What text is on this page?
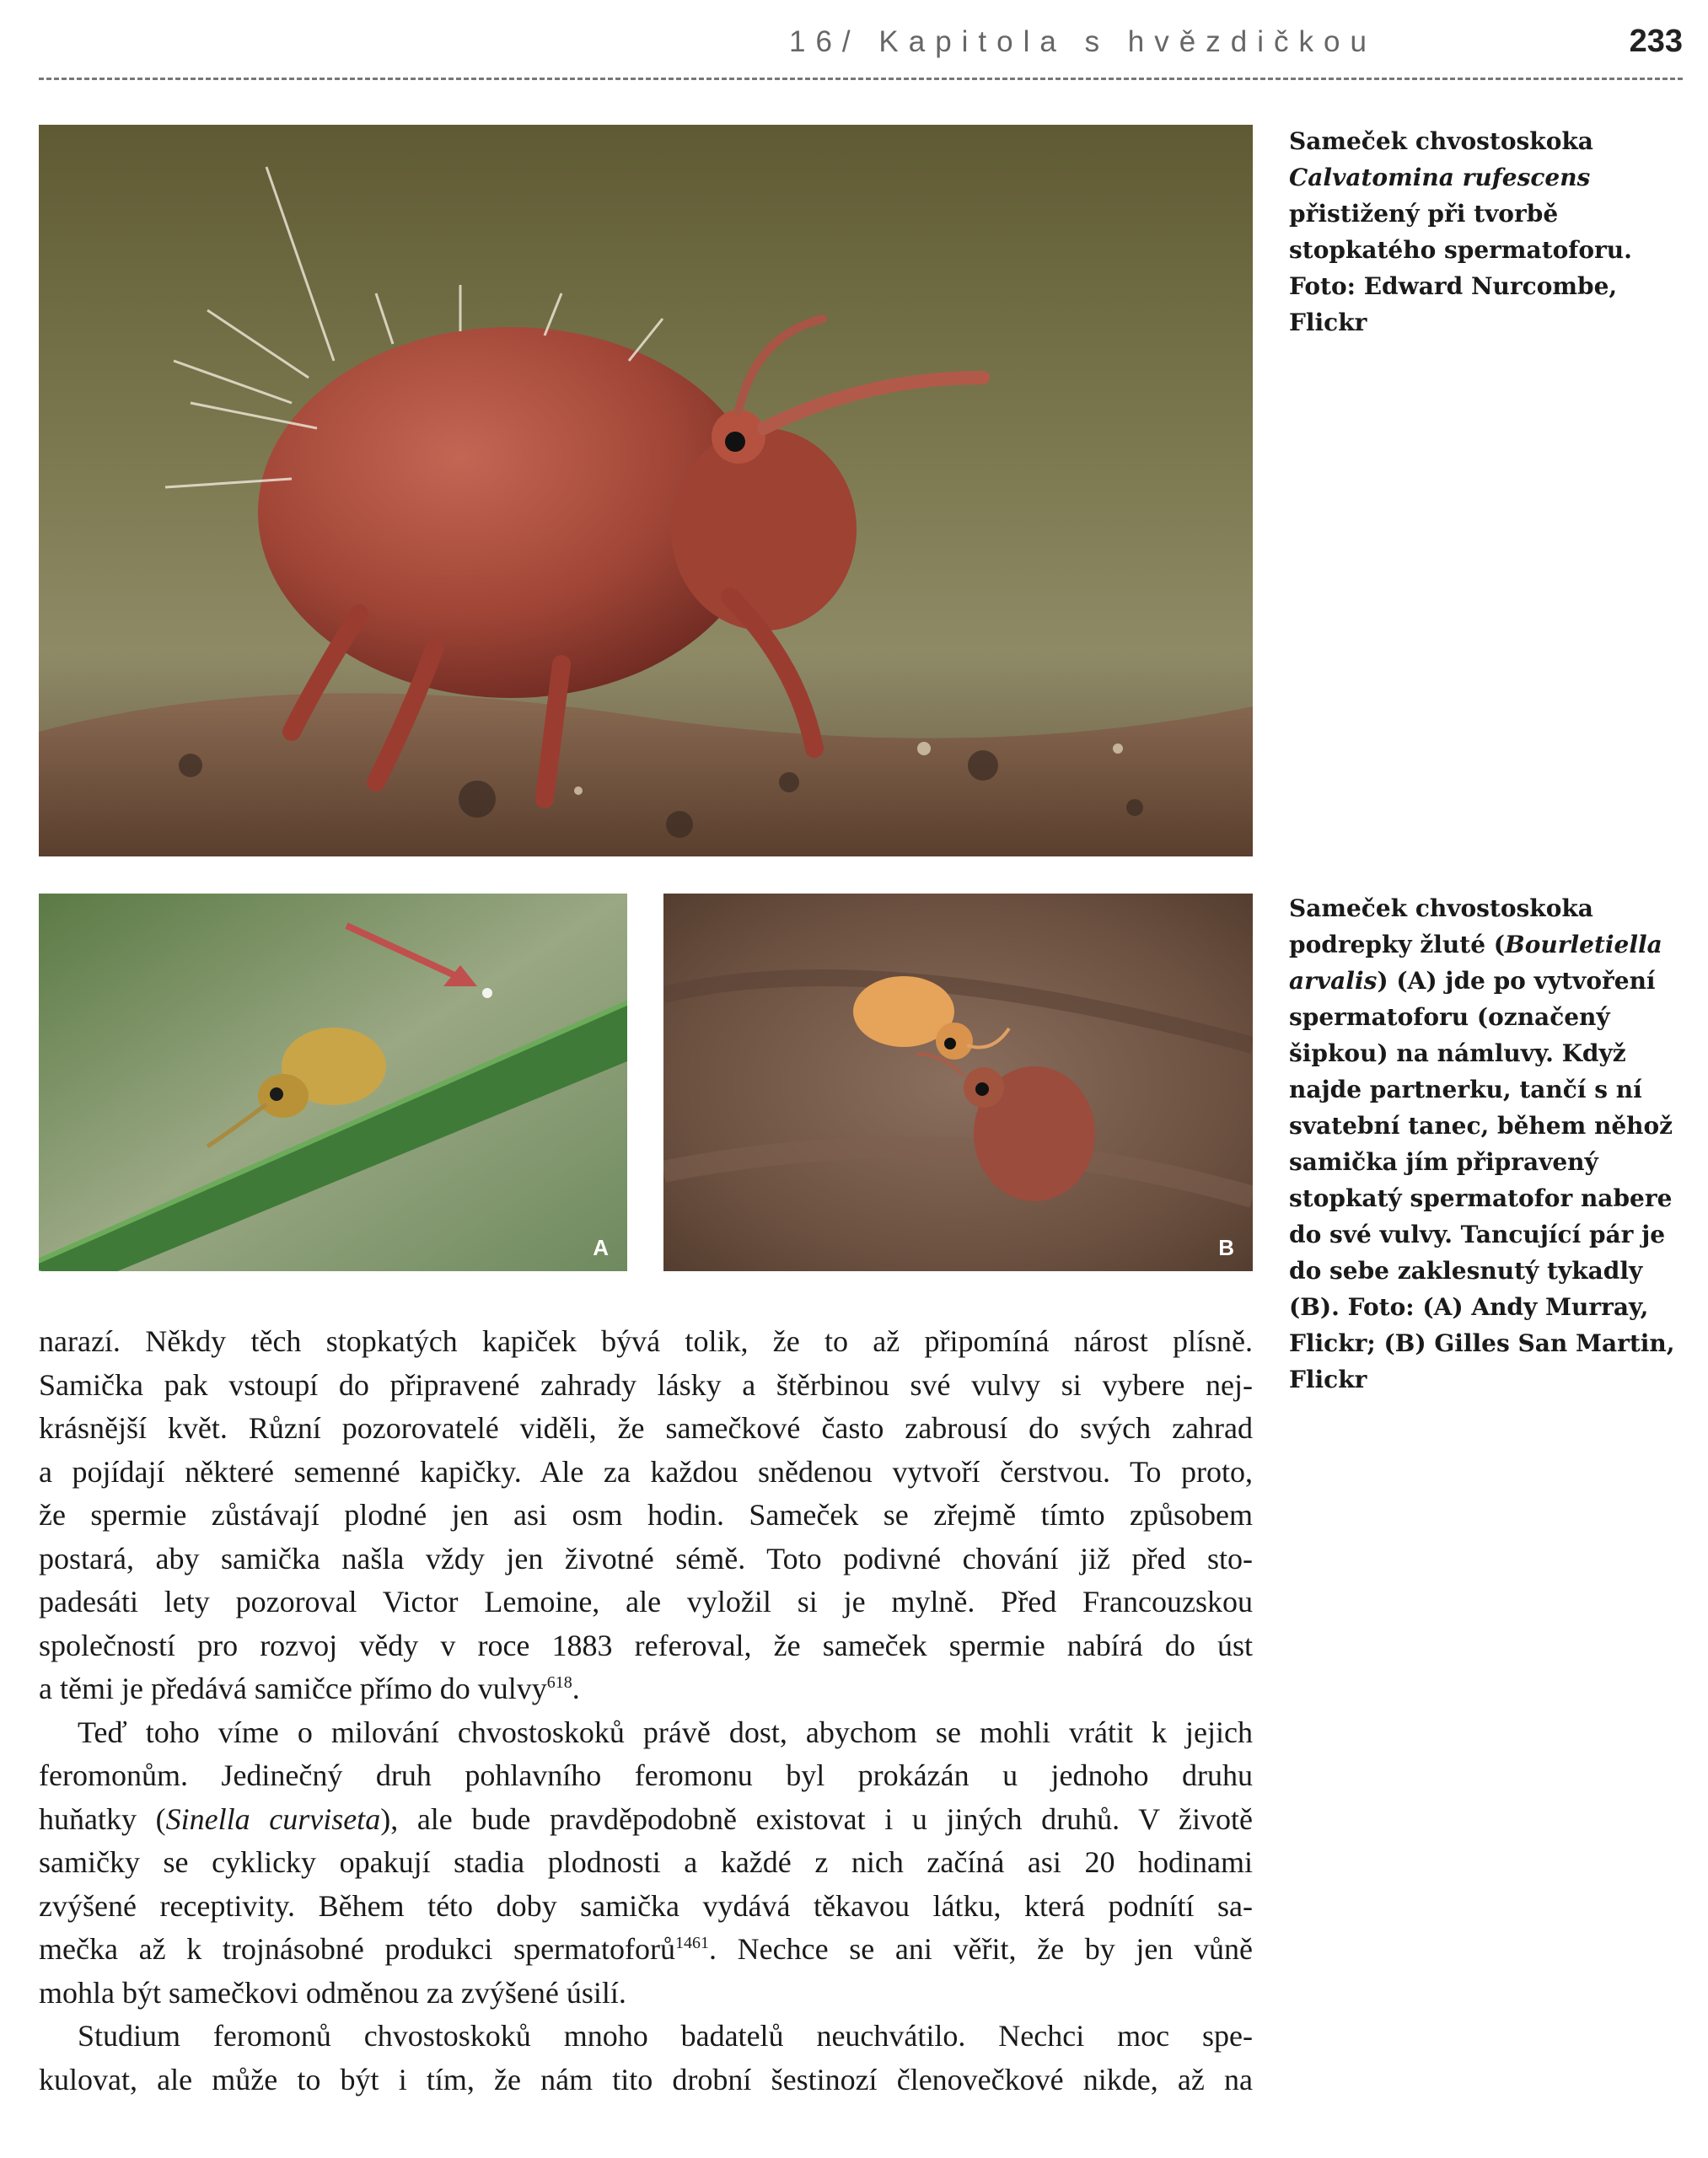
16/ Kapitola s hvězdičkou	233
A	B
Sameček chvostoskoka Calvatomina rufescens přistižený při tvorbě stopkatého spermatoforu. Foto: Edward Nurcombe, Flickr
Sameček chvostoskoka podrepky žluté (Bourletiella arvalis) (A) jde po vytvoření spermatoforu (označený šipkou) na námluvy. Když najde partnerku, tančí s ní svatební tanec, během něhož samička jím připravený stopkatý spermatofor nabere do své vulvy. Tancující pár je do sebe zaklesnutý tykadly (B). Foto: (A) Andy Murray, Flickr; (B) Gilles San Martin, Flickr
narazí. Někdy těch stopkatých kapiček bývá tolik, že to až připomíná nárost plísně.
Samička pak vstoupí do připravené zahrady lásky a štěrbinou své vulvy si vybere nej-
krásnější květ. Různí pozorovatelé viděli, že samečkové často zabrousí do svých zahrad
a pojídají některé semenné kapičky. Ale za každou snědenou vytvoří čerstvou. To proto,
že spermie zůstávají plodné jen asi osm hodin. Sameček se zřejmě tímto způsobem
postará, aby samička našla vždy jen životné sémě. Toto podivné chování již před sto-
padesáti lety pozoroval Victor Lemoine, ale vyložil si je mylně. Před Francouzskou
společností pro rozvoj vědy v roce 1883 referoval, že sameček spermie nabírá do úst
a těmi je předává samičce přímo do vulvy$^{618}$.
Teď toho víme o milování chvostoskoků právě dost, abychom se mohli vrátit k jejich
feromonům. Jedinečný druh pohlavního feromonu byl prokázán u jednoho druhu
huňatky (Sinella curviseta), ale bude pravděpodobně existovat i u jiných druhů. V životě
samičky se cyklicky opakují stadia plodnosti a každé z nich začíná asi 20 hodinami
zvýšené receptivity. Během této doby samička vydává těkavou látku, která podnítí sa-
mečka až k trojnásobné produkci spermatoforů$^{1461}$. Nechce se ani věřit, že by jen vůně
mohla být samečkovi odměnou za zvýšené úsilí.
Studium feromonů chvostoskoků mnoho badatelů neuchvátilo. Nechci moc spe-
kulovat, ale může to být i tím, že nám tito drobní šestinozí členovečkové nikde, až na
